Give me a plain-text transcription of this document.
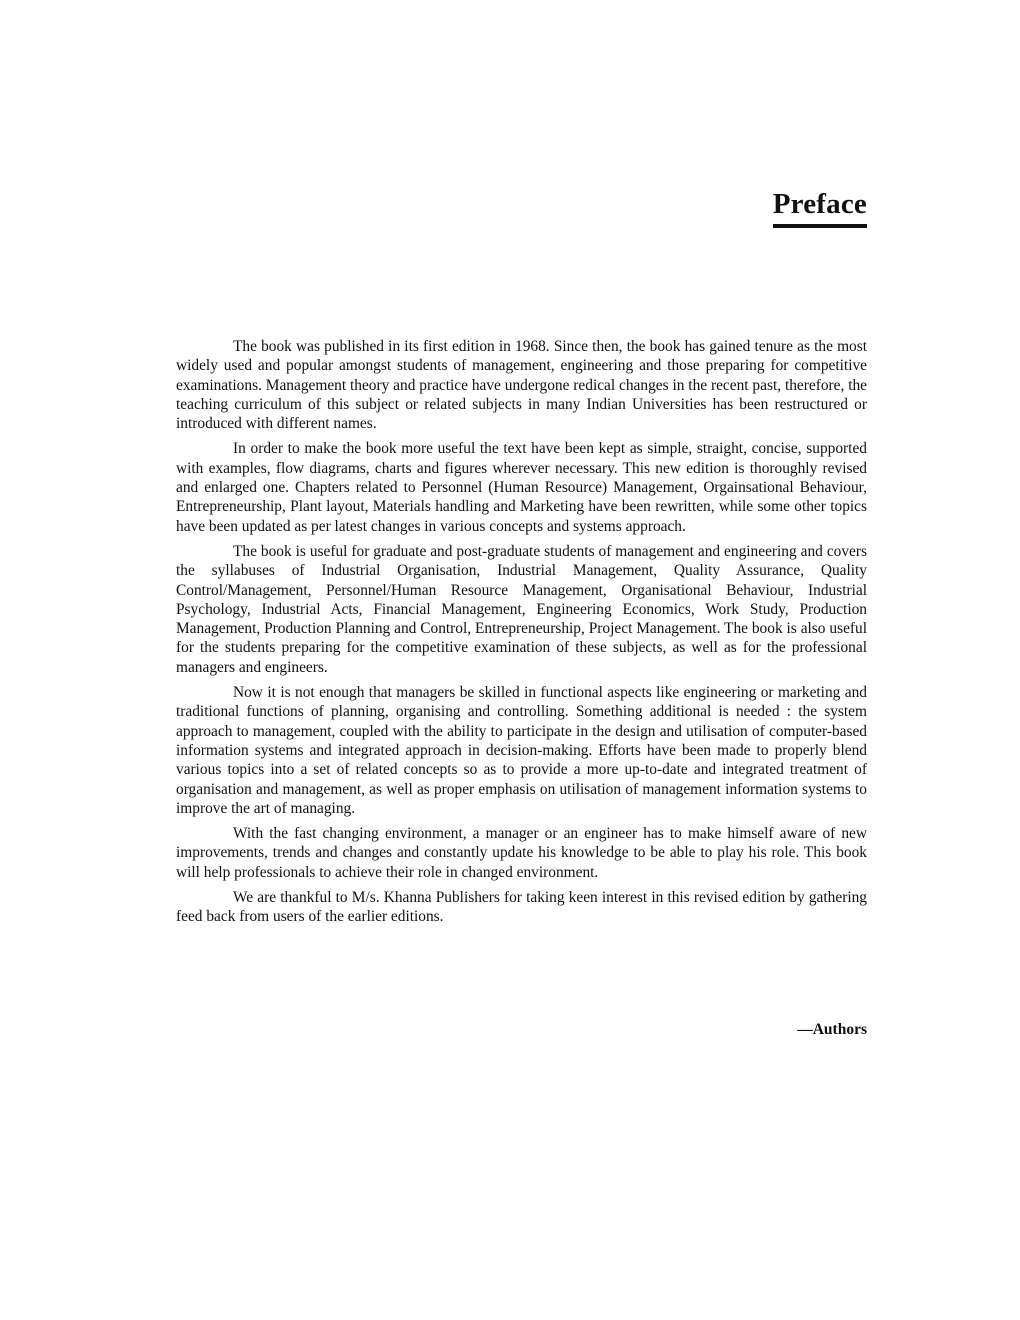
Preface

The book was published in its first edition in 1968. Since then, the book has gained tenure as the most widely used and popular amongst students of management, engineering and those preparing for competitive examinations. Management theory and practice have undergone redical changes in the recent past, therefore, the teaching curriculum of this subject or related subjects in many Indian Universities has been restructured or introduced with different names.

In order to make the book more useful the text have been kept as simple, straight, concise, supported with examples, flow diagrams, charts and figures wherever necessary. This new edition is thoroughly revised and enlarged one. Chapters related to Personnel (Human Resource) Management, Orgainsational Behaviour, Entrepreneurship, Plant layout, Materials handling and Marketing have been rewritten, while some other topics have been updated as per latest changes in various concepts and systems approach.

The book is useful for graduate and post-graduate students of management and engineering and covers the syllabuses of Industrial Organisation, Industrial Management, Quality Assurance, Quality Control/Management, Personnel/Human Resource Management, Organisational Behaviour, Industrial Psychology, Industrial Acts, Financial Management, Engineering Economics, Work Study, Production Management, Production Planning and Control, Entrepreneurship, Project Management. The book is also useful for the students preparing for the competitive examination of these subjects, as well as for the professional managers and engineers.

Now it is not enough that managers be skilled in functional aspects like engineering or marketing and traditional functions of planning, organising and controlling. Something additional is needed : the system approach to management, coupled with the ability to participate in the design and utilisation of computer-based information systems and integrated approach in decision-making. Efforts have been made to properly blend various topics into a set of related concepts so as to provide a more up-to-date and integrated treatment of organisation and management, as well as proper emphasis on utilisation of management information systems to improve the art of managing.

With the fast changing environment, a manager or an engineer has to make himself aware of new improvements, trends and changes and constantly update his knowledge to be able to play his role. This book will help professionals to achieve their role in changed environment.

We are thankful to M/s. Khanna Publishers for taking keen interest in this revised edition by gathering feed back from users of the earlier editions.

—Authors
